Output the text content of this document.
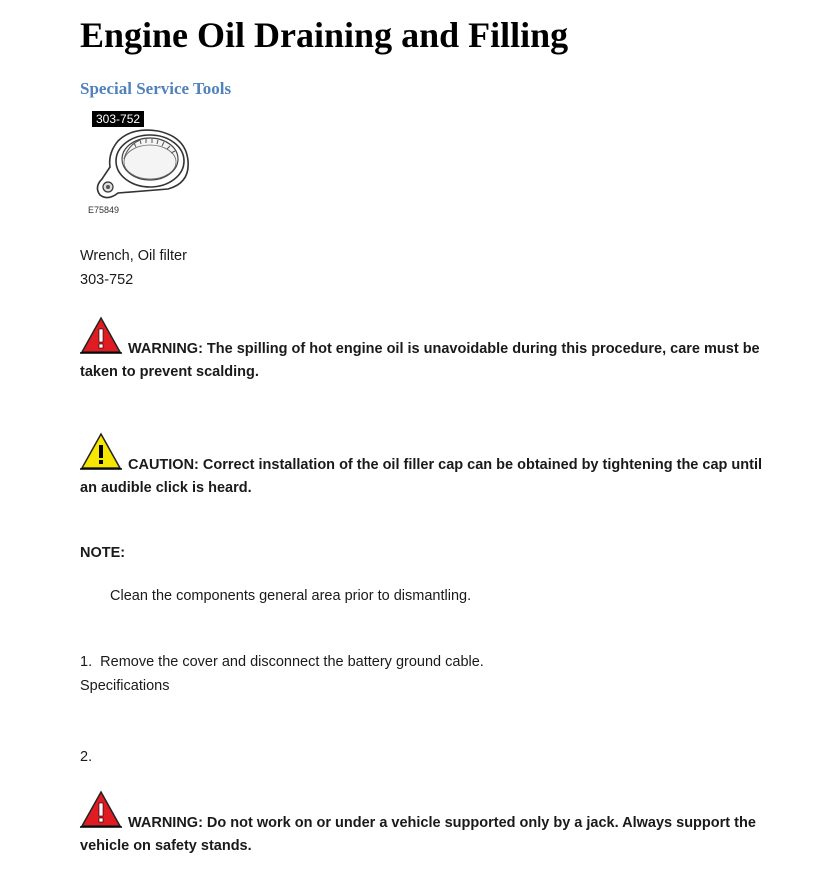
Engine Oil Draining and Filling
Special Service Tools
303-752
E75849

Wrench, Oil filter

303-752

WARNING: The spilling of hot engine oil is unavoidable during this procedure, care must be taken to prevent scalding.

CAUTION: Correct installation of the oil filler cap can be obtained by tightening the cap until an audible click is heard.

NOTE:

Clean the components general area prior to dismantling.

1. Remove the cover and disconnect the battery ground cable.

Specifications

2.

WARNING: Do not work on or under a vehicle supported only by a jack. Always support the vehicle on safety stands.
